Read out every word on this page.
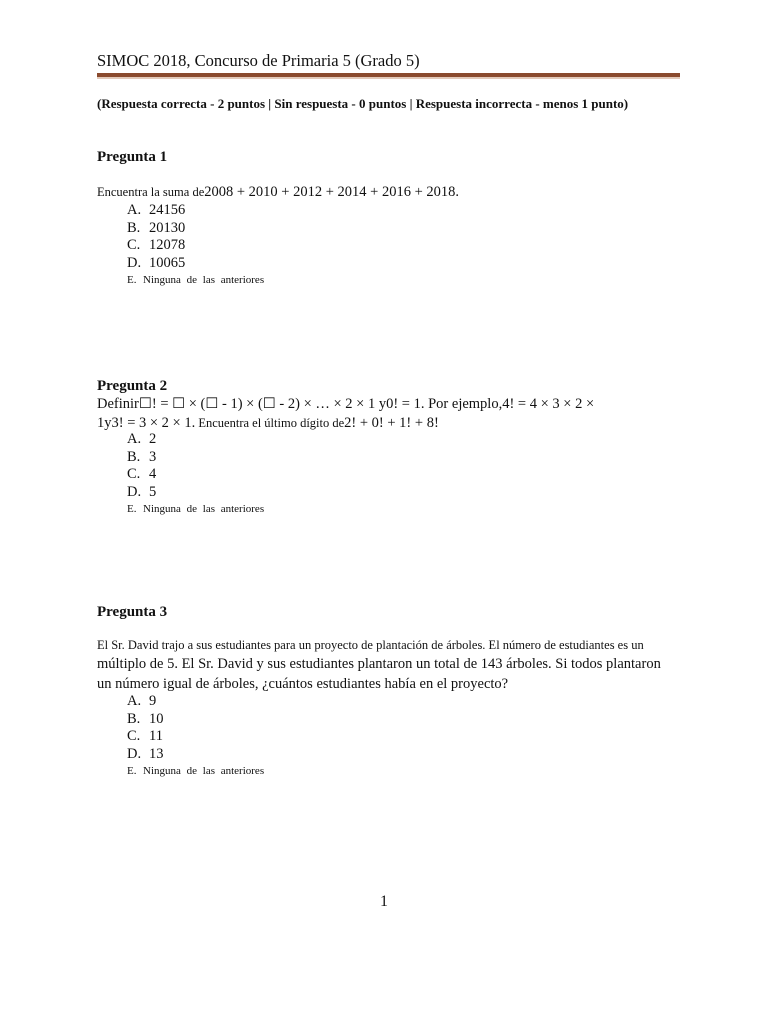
SIMOC 2018, Concurso de Primaria 5 (Grado 5)
(Respuesta correcta - 2 puntos | Sin respuesta - 0 puntos | Respuesta incorrecta - menos 1 punto)
Pregunta 1
Encuentra la suma de2008 + 2010 + 2012 + 2014 + 2016 + 2018.
A. 24156
B. 20130
C. 12078
D. 10065
E. Ninguna de las anteriores
Pregunta 2
Definir☐! = ☐ × (☐ - 1) × (☐ - 2) × … × 2 × 1 y0! = 1. Por ejemplo,4! = 4 × 3 × 2 ×
1y3! = 3 × 2 × 1. Encuentra el último dígito de2! + 0! + 1! + 8!
A. 2
B. 3
C. 4
D. 5
E. Ninguna de las anteriores
Pregunta 3
El Sr. David trajo a sus estudiantes para un proyecto de plantación de árboles. El número de estudiantes es un
múltiplo de 5. El Sr. David y sus estudiantes plantaron un total de 143 árboles. Si todos plantaron
un número igual de árboles, ¿cuántos estudiantes había en el proyecto?
A. 9
B. 10
C. 11
D. 13
E. Ninguna de las anteriores
1
